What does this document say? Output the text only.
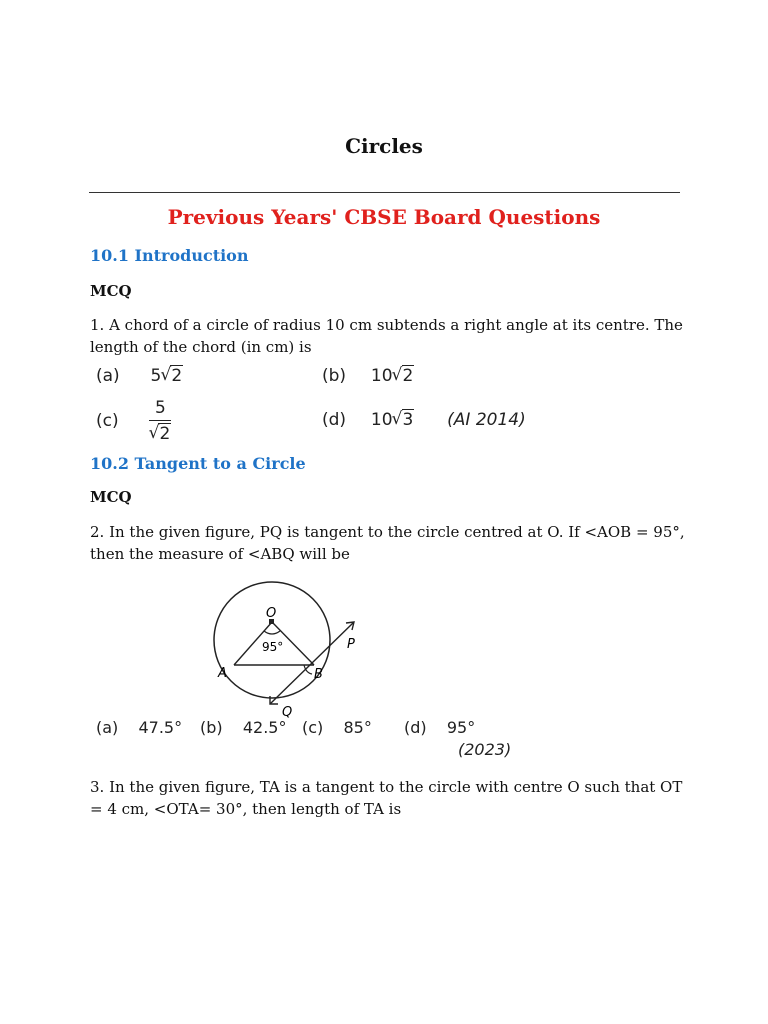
Circles
Previous Years' CBSE Board Questions
10.1 Introduction
MCQ
1. A chord of a circle of radius 10 cm subtends a right angle at its centre. The length of the chord (in cm) is
(a) 5 √ 2	(b) 10 √ 2
(c) 5
√ 2	(d) 10 √ 3 (AI 2014)
10.2 Tangent to a Circle
MCQ
2. In the given figure, PQ is tangent to the circle centred at O. If <AOB = 95°, then the measure of <ABQ will be
O
95°
A	B
P
Q
(a) 47.5° (b) 42.5° (c) 85° (d) 95°
(2023)
3. In the given figure, TA is a tangent to the circle with centre O such that OT = 4 cm, <OTA= 30°, then length of TA is
